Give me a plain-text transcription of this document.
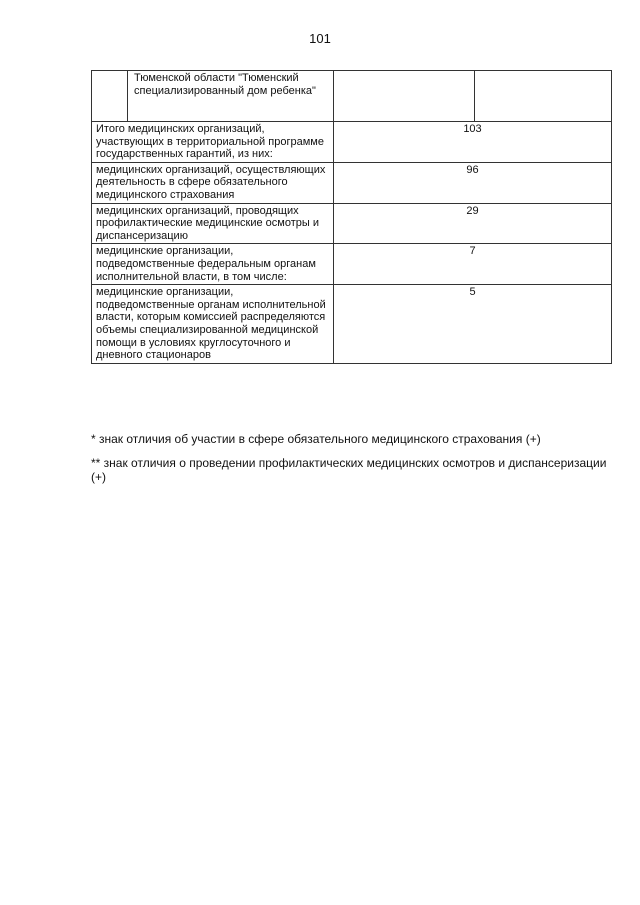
101
	Тюменской области "Тюменский специализированный дом ребенка"		
Итого медицинских организаций, участвующих в территориальной программе государственных гарантий, из них:		103	
медицинских организаций, осуществляющих деятельность в сфере обязательного медицинского страхования		96	
медицинских организаций, проводящих профилактические медицинские осмотры и диспансеризацию		29	
медицинские организации, подведомственные федеральным органам исполнительной власти, в том числе:		7	
медицинские организации, подведомственные органам исполнительной власти, которым комиссией распределяются объемы специализированной медицинской помощи в условиях круглосуточного и дневного стационаров		5	

* знак отличия об участии в сфере обязательного медицинского страхования (+)

** знак отличия о проведении профилактических медицинских осмотров и диспансеризации (+)
